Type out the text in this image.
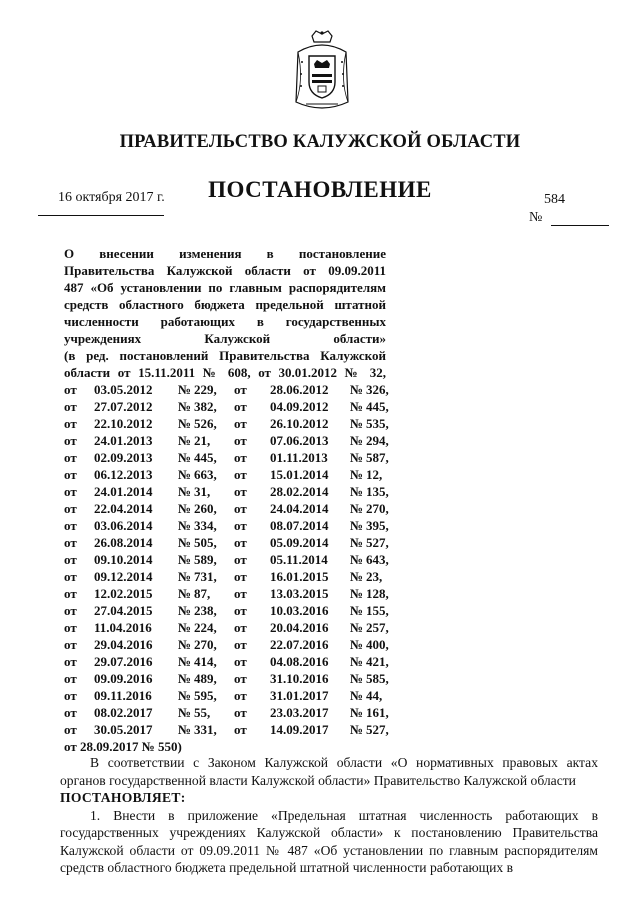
ПРАВИТЕЛЬСТВО КАЛУЖСКОЙ ОБЛАСТИ
ПОСТАНОВЛЕНИЕ
16 октября 2017 г.	584
№
О внесении изменения в постановление
Правительства Калужской области от 09.09.2011
487 «Об установлении по главным распорядителям
средств областного бюджета предельной штатной
численности работающих в государственных
учреждениях Калужской области»
(в ред. постановлений Правительства Калужской
области от 15.11.2011 № 608, от 30.01.2012 № 32,
от	03.05.2012	№ 229,	от	28.06.2012	№ 326,
от	27.07.2012	№ 382,	от	04.09.2012	№ 445,
от	22.10.2012	№ 526,	от	26.10.2012	№ 535,
от	24.01.2013	№ 21,	от	07.06.2013	№ 294,
от	02.09.2013	№ 445,	от	01.11.2013	№ 587,
от	06.12.2013	№ 663,	от	15.01.2014	№ 12,
от	24.01.2014	№ 31,	от	28.02.2014	№ 135,
от	22.04.2014	№ 260,	от	24.04.2014	№ 270,
от	03.06.2014	№ 334,	от	08.07.2014	№ 395,
от	26.08.2014	№ 505,	от	05.09.2014	№ 527,
от	09.10.2014	№ 589,	от	05.11.2014	№ 643,
от	09.12.2014	№ 731,	от	16.01.2015	№ 23,
от	12.02.2015	№ 87,	от	13.03.2015	№ 128,
от	27.04.2015	№ 238,	от	10.03.2016	№ 155,
от	11.04.2016	№ 224,	от	20.04.2016	№ 257,
от	29.04.2016	№ 270,	от	22.07.2016	№ 400,
от	29.07.2016	№ 414,	от	04.08.2016	№ 421,
от	09.09.2016	№ 489,	от	31.10.2016	№ 585,
от	09.11.2016	№ 595,	от	31.01.2017	№ 44,
от	08.02.2017	№ 55,	от	23.03.2017	№ 161,
от	30.05.2017	№ 331,	от	14.09.2017	№ 527,
от 28.09.2017 № 550)

В соответствии с Законом Калужской области «О нормативных правовых актах органов государственной власти Калужской области» Правительство Калужской области

ПОСТАНОВЛЯЕТ:

1. Внести в приложение «Предельная штатная численность работающих в государственных учреждениях Калужской области» к постановлению Правительства Калужской области от 09.09.2011 № 487 «Об установлении по главным распорядителям средств областного бюджета предельной штатной численности работающих в
